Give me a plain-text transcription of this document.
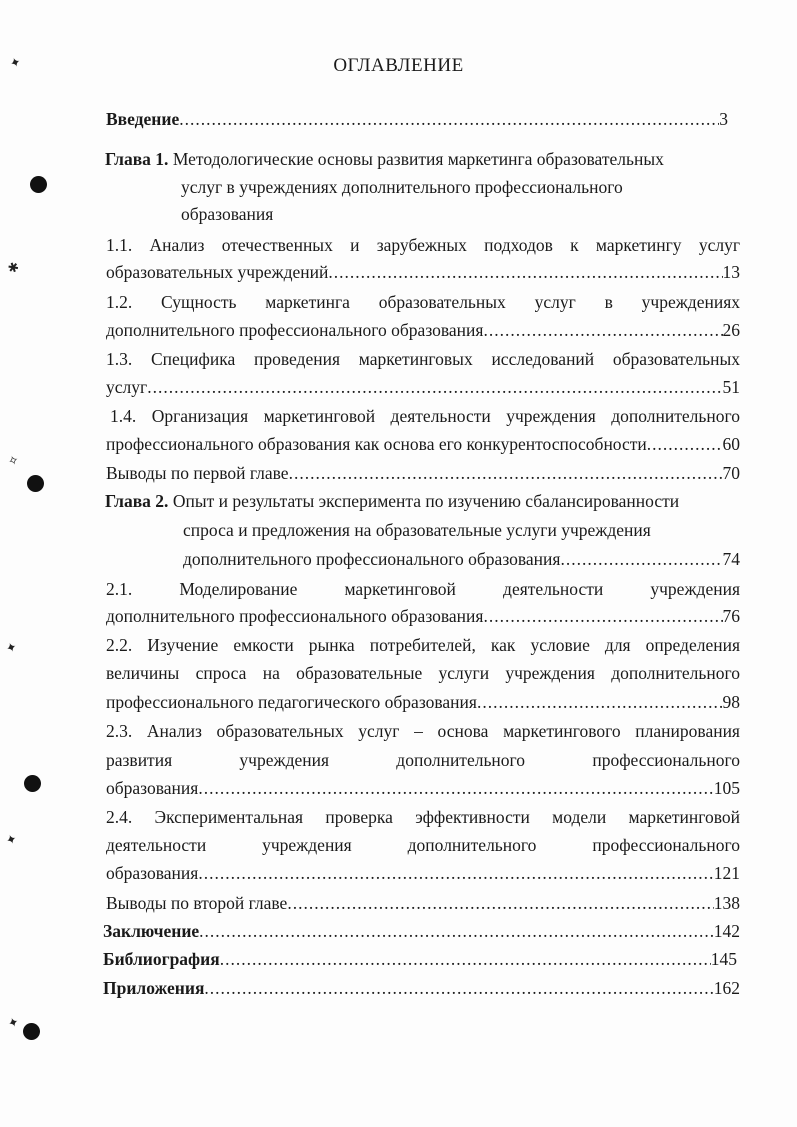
✦
✱
✧
✦
✦
✦
ОГЛАВЛЕНИЕ
Введение .....	3
Глава 1. Методологические основы развития маркетинга образовательных
услуг в учреждениях дополнительного профессионального
образования
1.1. Анализ отечественных и зарубежных подходов к маркетингу услуг
образовательных учреждений .....	13
1.2. Сущность маркетинга образовательных услуг в учреждениях
дополнительного профессионального образования .....	26
1.3. Специфика проведения маркетинговых исследований образовательных
услуг .....	51
1.4. Организация маркетинговой деятельности учреждения дополнительного
профессионального образования как основа его конкурентоспособности .....	60
Выводы по первой главе .....	70
Глава 2. Опыт и результаты эксперимента по изучению сбалансированности
спроса и предложения на образовательные услуги учреждения
дополнительного профессионального образования .....	74
2.1. Моделирование маркетинговой деятельности учреждения
дополнительного профессионального образования .....	76
2.2. Изучение емкости рынка потребителей, как условие для определения
величины спроса на образовательные услуги учреждения дополнительного
профессионального педагогического образования .....	98
2.3. Анализ образовательных услуг – основа маркетингового планирования
развития учреждения дополнительного профессионального
образования .....	105
2.4. Экспериментальная проверка эффективности модели маркетинговой
деятельности учреждения дополнительного профессионального
образования .....	121
Выводы по второй главе .....	138
Заключение .....	142
Библиография .....	145
Приложения .....	162
